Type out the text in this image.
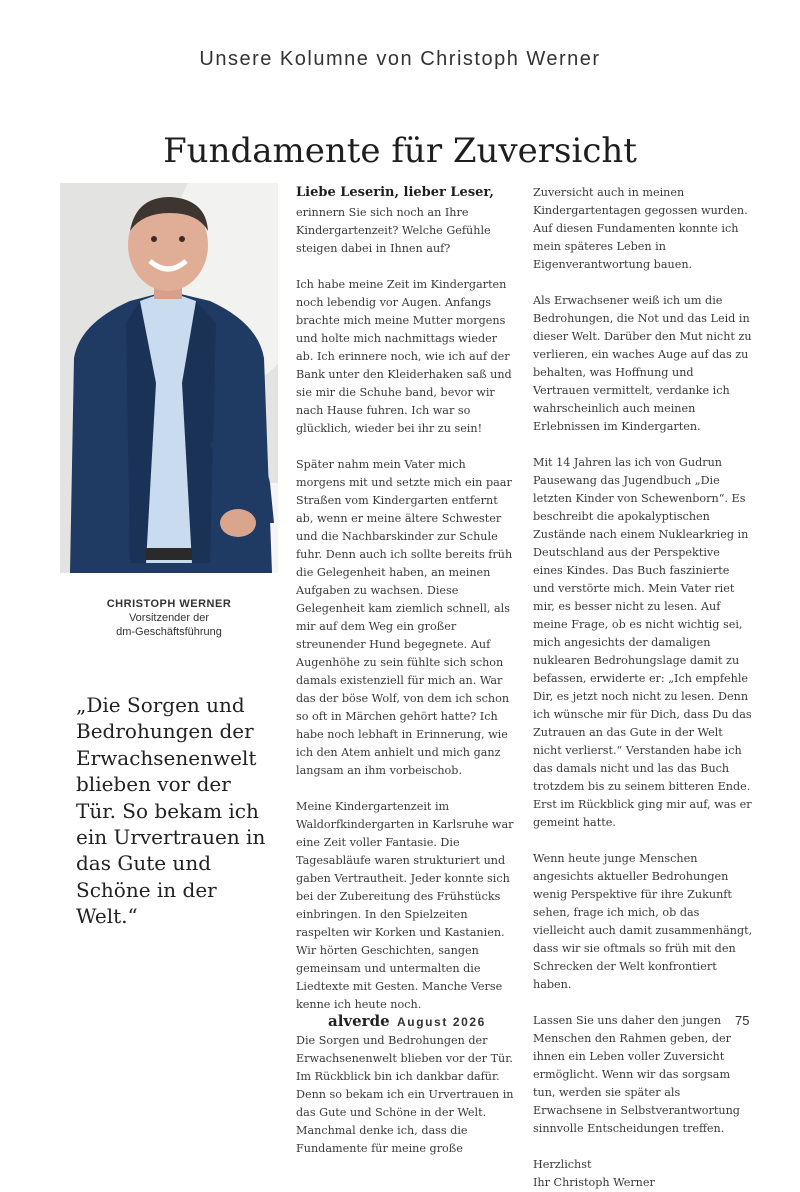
Unsere Kolumne von Christoph Werner
Fundamente für Zuversicht
CHRISTOPH WERNER
Vorsitzender der
dm-Geschäftsführung

„Die Sorgen und Bedrohungen der Erwachsenenwelt blieben vor der Tür. So bekam ich ein Urvertrauen in das Gute und Schöne in der Welt.“

Liebe Leserin, lieber Leser,

erinnern Sie sich noch an Ihre Kindergartenzeit? Welche Gefühle steigen dabei in Ihnen auf?

Ich habe meine Zeit im Kindergarten noch lebendig vor Augen. Anfangs brachte mich meine Mutter morgens und holte mich nachmittags wieder ab. Ich erinnere noch, wie ich auf der Bank unter den Kleiderhaken saß und sie mir die Schuhe band, bevor wir nach Hause fuhren. Ich war so glücklich, wieder bei ihr zu sein!

Später nahm mein Vater mich morgens mit und setzte mich ein paar Straßen vom Kindergarten entfernt ab, wenn er meine ältere Schwester und die Nachbarskinder zur Schule fuhr. Denn auch ich sollte bereits früh die Gelegenheit haben, an meinen Aufgaben zu wachsen. Diese Gelegenheit kam ziemlich schnell, als mir auf dem Weg ein großer streunender Hund begegnete. Auf Augenhöhe zu sein fühlte sich schon damals existenziell für mich an. War das der böse Wolf, von dem ich schon so oft in Märchen gehört hatte? Ich habe noch lebhaft in Erinnerung, wie ich den Atem anhielt und mich ganz langsam an ihm vorbeischob.

Meine Kindergartenzeit im Waldorfkindergarten in Karlsruhe war eine Zeit voller Fantasie. Die Tagesabläufe waren strukturiert und gaben Vertrautheit. Jeder konnte sich bei der Zubereitung des Frühstücks einbringen. In den Spielzeiten raspelten wir Korken und Kastanien. Wir hörten Geschichten, sangen gemeinsam und untermalten die Liedtexte mit Gesten. Manche Verse kenne ich heute noch.

Die Sorgen und Bedrohungen der Erwachsenenwelt blieben vor der Tür. Im Rückblick bin ich dankbar dafür. Denn so bekam ich ein Urvertrauen in das Gute und Schöne in der Welt. Manchmal denke ich, dass die Fundamente für meine große

Zuversicht auch in meinen Kindergartentagen gegossen wurden. Auf diesen Fundamenten konnte ich mein späteres Leben in Eigenverantwortung bauen.

Als Erwachsener weiß ich um die Bedrohungen, die Not und das Leid in dieser Welt. Darüber den Mut nicht zu verlieren, ein waches Auge auf das zu behalten, was Hoffnung und Vertrauen vermittelt, verdanke ich wahrscheinlich auch meinen Erlebnissen im Kindergarten.

Mit 14 Jahren las ich von Gudrun Pausewang das Jugendbuch „Die letzten Kinder von Schewenborn“. Es beschreibt die apokalyptischen Zustände nach einem Nuklearkrieg in Deutschland aus der Perspektive eines Kindes. Das Buch faszinierte und verstörte mich. Mein Vater riet mir, es besser nicht zu lesen. Auf meine Frage, ob es nicht wichtig sei, mich angesichts der damaligen nuklearen Bedrohungslage damit zu befassen, erwiderte er: „Ich empfehle Dir, es jetzt noch nicht zu lesen. Denn ich wünsche mir für Dich, dass Du das Zutrauen an das Gute in der Welt nicht verlierst.“ Verstanden habe ich das damals nicht und las das Buch trotzdem bis zu seinem bitteren Ende. Erst im Rückblick ging mir auf, was er gemeint hatte.

Wenn heute junge Menschen angesichts aktueller Bedrohungen wenig Perspektive für ihre Zukunft sehen, frage ich mich, ob das vielleicht auch damit zusammenhängt, dass wir sie oftmals so früh mit den Schrecken der Welt konfrontiert haben.

Lassen Sie uns daher den jungen Menschen den Rahmen geben, der ihnen ein Leben voller Zuversicht ermöglicht. Wenn wir das sorgsam tun, werden sie später als Erwachsene in Selbstverantwortung sinnvolle Entscheidungen treffen.

Herzlichst

Ihr Christoph Werner

alverde August 2026	75
